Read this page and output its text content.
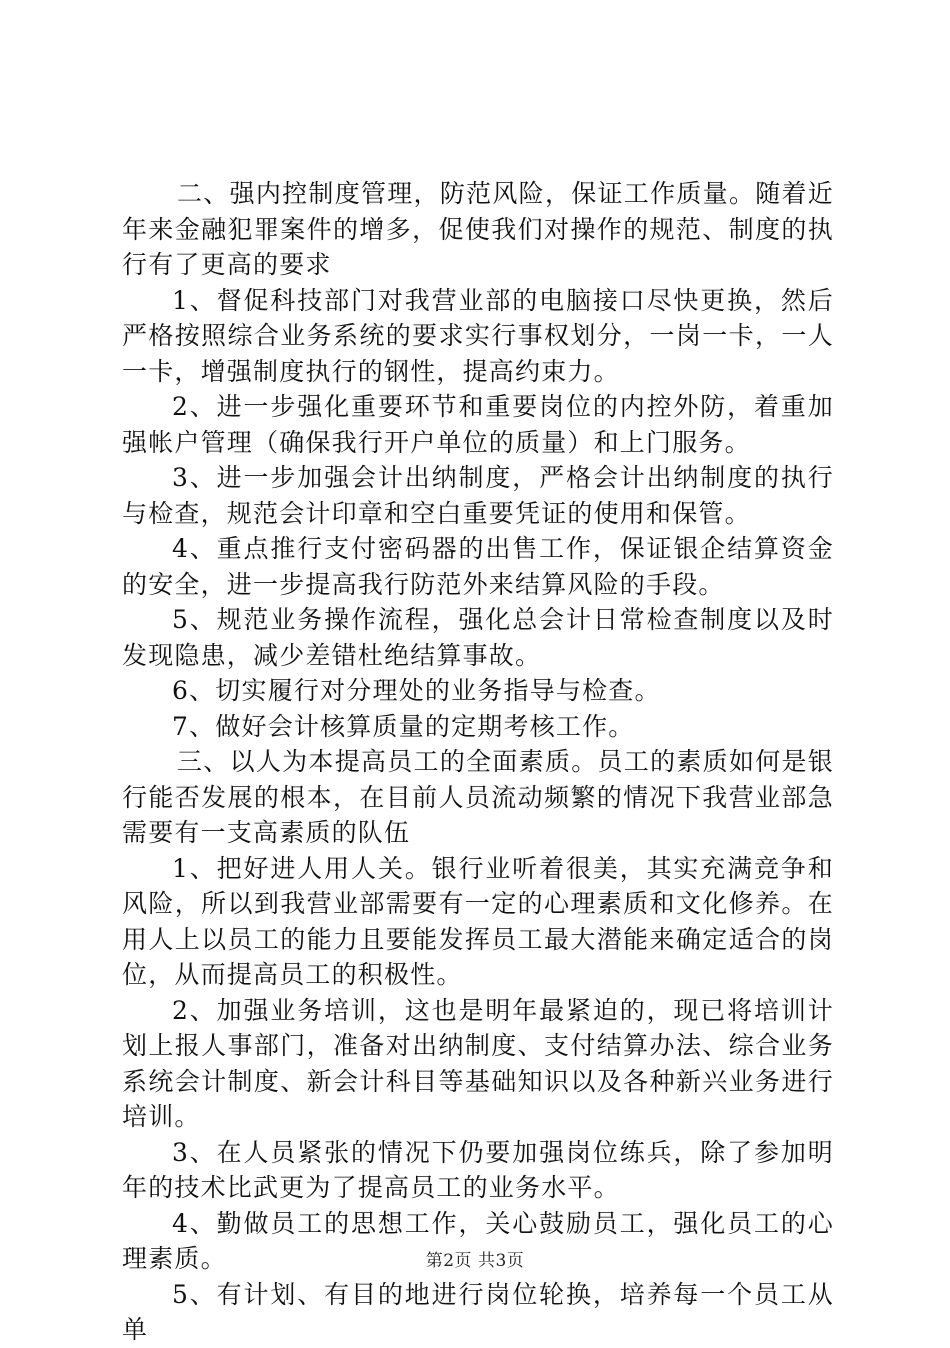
二、强内控制度管理，防范风险，保证工作质量。随着近年来金融犯罪案件的增多，促使我们对操作的规范、制度的执行有了更高的要求

1、督促科技部门对我营业部的电脑接口尽快更换，然后严格按照综合业务系统的要求实行事权划分，一岗一卡，一人一卡，增强制度执行的钢性，提高约束力。

2、进一步强化重要环节和重要岗位的内控外防，着重加强帐户管理（确保我行开户单位的质量）和上门服务。

3、进一步加强会计出纳制度，严格会计出纳制度的执行与检查，规范会计印章和空白重要凭证的使用和保管。

4、重点推行支付密码器的出售工作，保证银企结算资金的安全，进一步提高我行防范外来结算风险的手段。

5、规范业务操作流程，强化总会计日常检查制度以及时发现隐患，减少差错杜绝结算事故。

6、切实履行对分理处的业务指导与检查。

7、做好会计核算质量的定期考核工作。

三、以人为本提高员工的全面素质。员工的素质如何是银行能否发展的根本，在目前人员流动频繁的情况下我营业部急需要有一支高素质的队伍

1、把好进人用人关。银行业听着很美，其实充满竞争和风险，所以到我营业部需要有一定的心理素质和文化修养。在用人上以员工的能力且要能发挥员工最大潜能来确定适合的岗位，从而提高员工的积极性。

2、加强业务培训，这也是明年最紧迫的，现已将培训计划上报人事部门，准备对出纳制度、支付结算办法、综合业务系统会计制度、新会计科目等基础知识以及各种新兴业务进行培训。

3、在人员紧张的情况下仍要加强岗位练兵，除了参加明年的技术比武更为了提高员工的业务水平。

4、勤做员工的思想工作，关心鼓励员工，强化员工的心理素质。

5、有计划、有目的地进行岗位轮换，培养每一个员工从单

第2页 共3页
